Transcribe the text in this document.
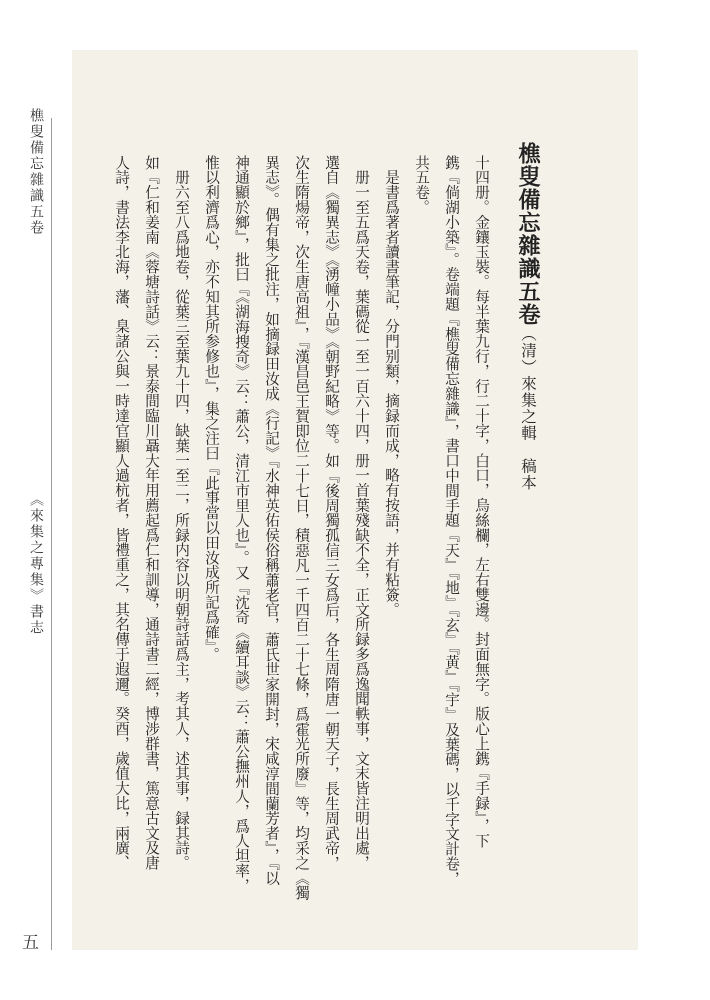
樵叟備忘雜識五卷
《來集之專集》書志
五
樵叟備忘雜識五卷（清）來集之輯　稿本
十四册。金鑲玉裝。每半葉九行，行二十字，白口，烏絲欄，左右雙邊。封面無字。版心上鎸『手録』，下
鎸『倘湖小築』。卷端題『樵叟備忘雜識』，書口中間手題『天』『地』『玄』『黄』『宇』及葉碼，以千字文計卷，
共五卷。
　是書爲著者讀書筆記，分門别類，摘録而成，略有按語，并有粘簽。
　册一至五爲天卷，葉碼從一至一百六十四，册一首葉殘缺不全，正文所録多爲逸聞軼事，文末皆注明出處，
選自《獨異志》《湧幢小品》《朝野紀略》等。如『後周獨孤信三女爲后，各生周隋唐一朝天子，長生周武帝，
次生隋煬帝，次生唐高祖』，『漢昌邑王賀即位二十七日，積惡凡一千四百二十七條，爲霍光所廢』等，均采之《獨
異志》。偶有集之批注，如摘録田汝成《行記》『水神英佑侯俗稱蕭老官，蕭氏世家開封，宋咸淳間蘭芳者』，『以
神通顯於鄉』，批曰『《湖海搜奇》云：蕭公，清江市里人也』。又『沈奇《續耳談》云：蕭公撫州人，爲人坦率，
惟以利濟爲心，亦不知其所参修也』，集之注曰『此事當以田汝成所記爲確』。
　册六至八爲地卷，從葉三至葉九十四，缺葉一至二，所録内容以明朝詩話爲主，考其人，述其事，録其詩。
如『仁和姜南《蓉塘詩話》云：景泰間臨川聶大年用薦起爲仁和訓導，通詩書二經，博涉群書，篤意古文及唐
人詩，書法李北海，藩、臬諸公與一時達官顯人過杭者，皆禮重之，其名傳于遐邇。癸酉，歲值大比，兩廣、
